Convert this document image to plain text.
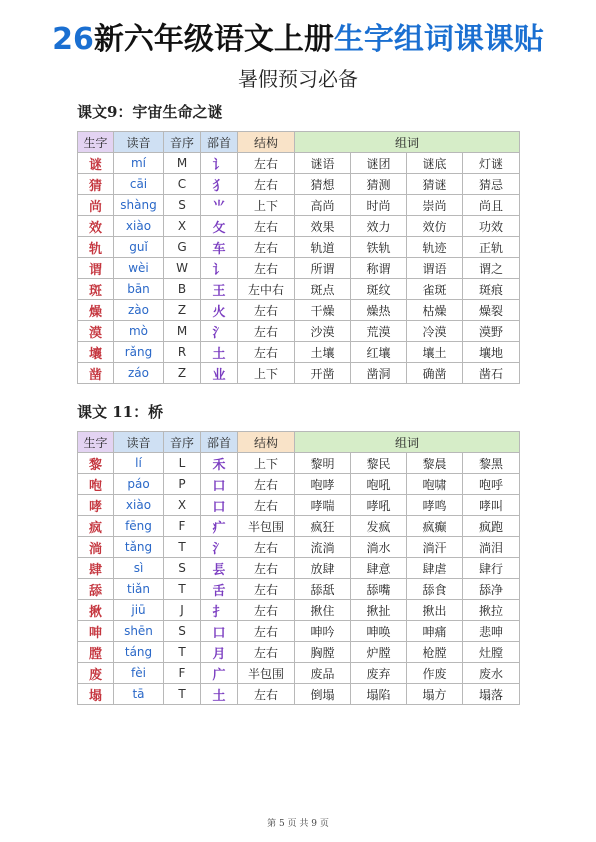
26新六年级语文上册生字组词课课贴
暑假预习必备
课文9：宇宙生命之谜
生字	读音	音序	部首	结构	组词			
谜	mí	M	讠	左右	谜语	谜团	谜底	灯谜
猜	cāi	C	犭	左右	猜想	猜测	猜谜	猜忌
尚	shàng	S	⺌	上下	高尚	时尚	崇尚	尚且
效	xiào	X	攵	左右	效果	效力	效仿	功效
轨	guǐ	G	车	左右	轨道	铁轨	轨迹	正轨
谓	wèi	W	讠	左右	所谓	称谓	谓语	谓之
斑	bān	B	王	左中右	斑点	斑纹	雀斑	斑痕
燥	zào	Z	火	左右	干燥	燥热	枯燥	燥裂
漠	mò	M	氵	左右	沙漠	荒漠	冷漠	漠野
壤	rǎng	R	土	左右	土壤	红壤	壤土	壤地
凿	záo	Z	业	上下	开凿	凿洞	确凿	凿石
课文 11：桥
生字	读音	音序	部首	结构	组词			
黎	lí	L	禾	上下	黎明	黎民	黎晨	黎黑
咆	páo	P	口	左右	咆哮	咆吼	咆啸	咆呼
哮	xiào	X	口	左右	哮喘	哮吼	哮鸣	哮叫
疯	fēng	F	疒	半包围	疯狂	发疯	疯癫	疯跑
淌	tǎng	T	氵	左右	流淌	淌水	淌汗	淌泪
肆	sì	S	镸	左右	放肆	肆意	肆虐	肆行
舔	tiǎn	T	舌	左右	舔舐	舔嘴	舔食	舔净
揪	jiū	J	扌	左右	揪住	揪扯	揪出	揪拉
呻	shēn	S	口	左右	呻吟	呻唤	呻痛	悲呻
膛	táng	T	月	左右	胸膛	炉膛	枪膛	灶膛
废	fèi	F	广	半包围	废品	废弃	作废	废水
塌	tā	T	土	左右	倒塌	塌陷	塌方	塌落
第 5 页 共 9 页
